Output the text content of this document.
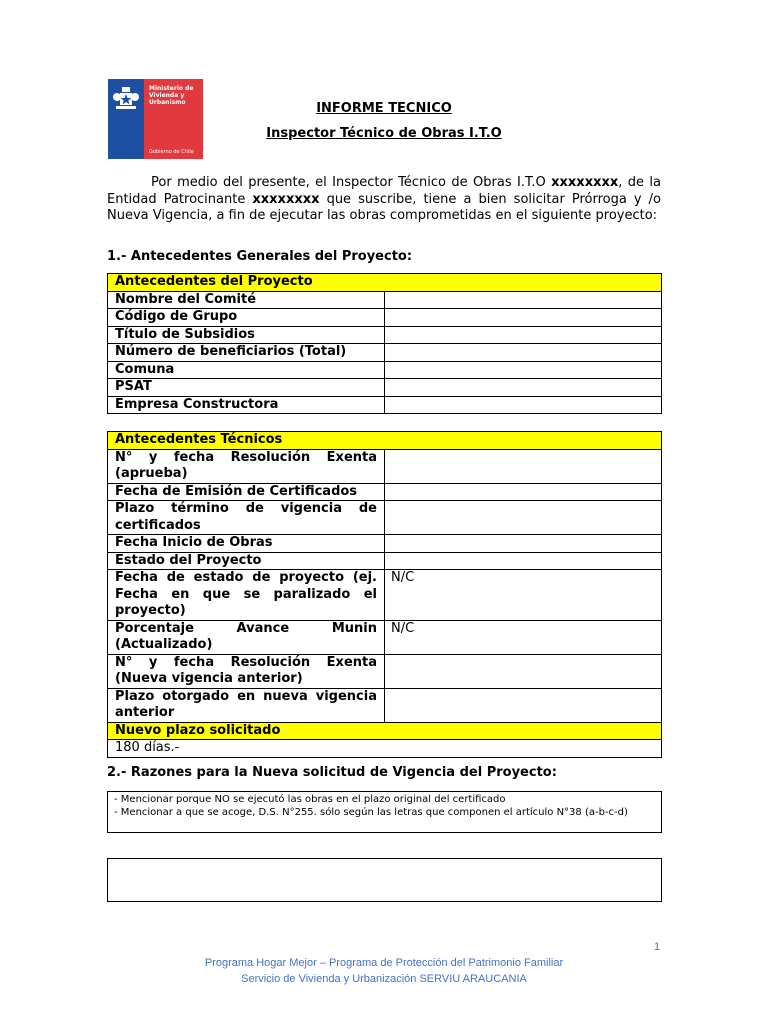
Ministerio de Vivienda y Urbanismo
Gobierno de Chile
INFORME TECNICO
Inspector Técnico de Obras I.T.O
Por medio del presente, el Inspector Técnico de Obras I.T.O xxxxxxxx, de la Entidad Patrocinante xxxxxxxx que suscribe, tiene a bien solicitar Prórroga y /o Nueva Vigencia, a fin de ejecutar las obras comprometidas en el siguiente proyecto:
1.- Antecedentes Generales del Proyecto:
Antecedentes del Proyecto	
Nombre del Comité	
Código de Grupo	
Título de Subsidios	
Número de beneficiarios (Total)	
Comuna	
PSAT	
Empresa Constructora	
Antecedentes Técnicos	
N° y fecha Resolución Exenta (aprueba)	
Fecha de Emisión de Certificados	
Plazo término de vigencia de certificados	
Fecha Inicio de Obras	
Estado del Proyecto	
Fecha de estado de proyecto (ej. Fecha en que se paralizado el proyecto)	N/C
Porcentaje Avance Munin (Actualizado)	N/C
N° y fecha Resolución Exenta (Nueva vigencia anterior)	
Plazo otorgado en nueva vigencia anterior	
Nuevo plazo solicitado	
180 días.-	
2.- Razones para la Nueva solicitud de Vigencia del Proyecto:
- Mencionar porque NO se ejecutó las obras en el plazo original del certificado
- Mencionar a que se acoge, D.S. N°255. sólo según las letras que componen el artículo N°38 (a-b-c-d)
1
Programa Hogar Mejor – Programa de Protección del Patrimonio Familiar
Servicio de Vivienda y Urbanización SERVIU ARAUCANIA
